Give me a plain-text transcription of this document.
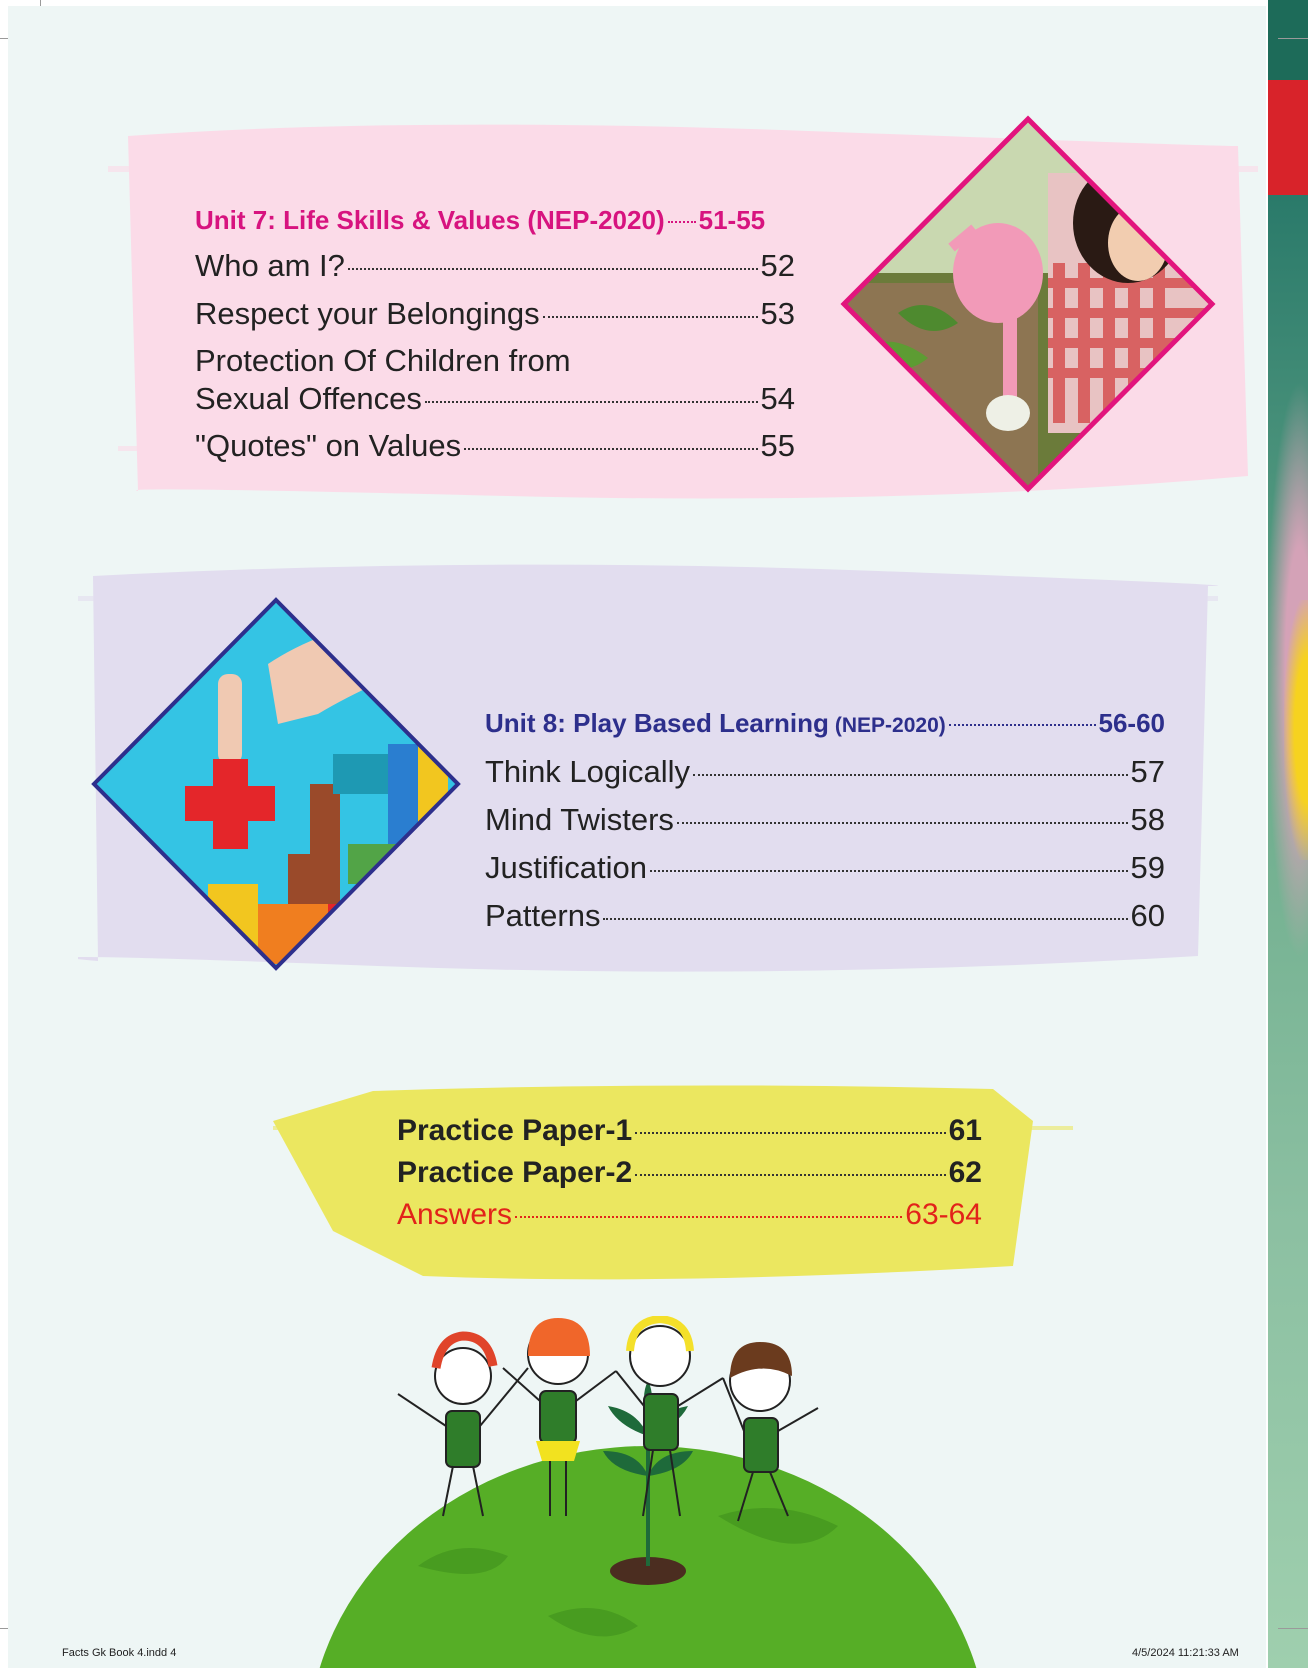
Unit 7: Life Skills & Values (NEP-2020) 51-55
Who am I?	52
Respect your Belongings	53
Protection Of Children from
Sexual Offences	54
"Quotes" on Values	55
Unit 8: Play Based Learning (NEP-2020)	56-60
Think Logically	57
Mind Twisters	58
Justification	59
Patterns	60
Practice Paper-1	61
Practice Paper-2	62
Answers	63-64
Facts Gk Book 4.indd 4	4/5/2024 11:21:33 AM
